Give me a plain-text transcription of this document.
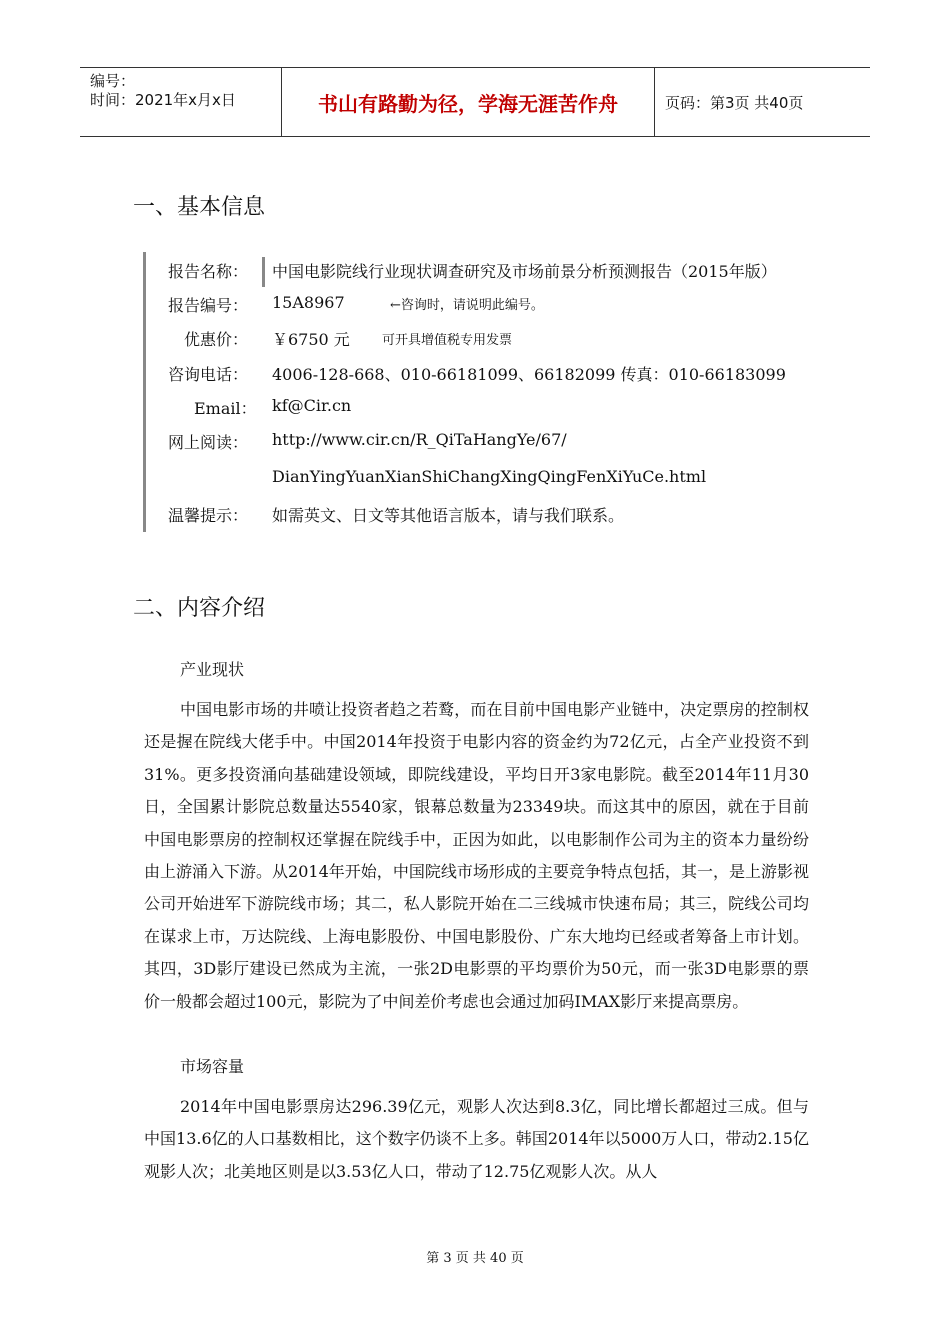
编号：
时间：2021年x月x日	书山有路勤为径，学海无涯苦作舟	页码：第3页 共40页
一、基本信息
报告名称： 中国电影院线行业现状调查研究及市场前景分析预测报告（2015年版）
报告编号： 15A8967	←咨询时，请说明此编号。
优惠价： ￥6750 元 可开具增值税专用发票
咨询电话： 4006-128-668、010-66181099、66182099 传真：010-66183099
Email： kf@Cir.cn
网上阅读： http://www.cir.cn/R_QiTaHangYe/67/
DianYingYuanXianShiChangXingQingFenXiYuCe.html
温馨提示： 如需英文、日文等其他语言版本，请与我们联系。
二、内容介绍
产业现状

中国电影市场的井喷让投资者趋之若鹜，而在目前中国电影产业链中，决定票房的控制权还是握在院线大佬手中。中国2014年投资于电影内容的资金约为72亿元，占全产业投资不到31%。更多投资涌向基础建设领域，即院线建设，平均日开3家电影院。截至2014年11月30日，全国累计影院总数量达5540家，银幕总数量为23349块。而这其中的原因，就在于目前中国电影票房的控制权还掌握在院线手中，正因为如此，以电影制作公司为主的资本力量纷纷由上游涌入下游。从2014年开始，中国院线市场形成的主要竞争特点包括，其一，是上游影视公司开始进军下游院线市场；其二，私人影院开始在二三线城市快速布局；其三，院线公司均在谋求上市，万达院线、上海电影股份、中国电影股份、广东大地均已经或者筹备上市计划。其四，3D影厅建设已然成为主流，一张2D电影票的平均票价为50元，而一张3D电影票的票价一般都会超过100元，影院为了中间差价考虑也会通过加码IMAX影厅来提高票房。

市场容量

2014年中国电影票房达296.39亿元，观影人次达到8.3亿，同比增长都超过三成。但与中国13.6亿的人口基数相比，这个数字仍谈不上多。韩国2014年以5000万人口，带动2.15亿观影人次；北美地区则是以3.53亿人口，带动了12.75亿观影人次。从人

第 3 页 共 40 页
